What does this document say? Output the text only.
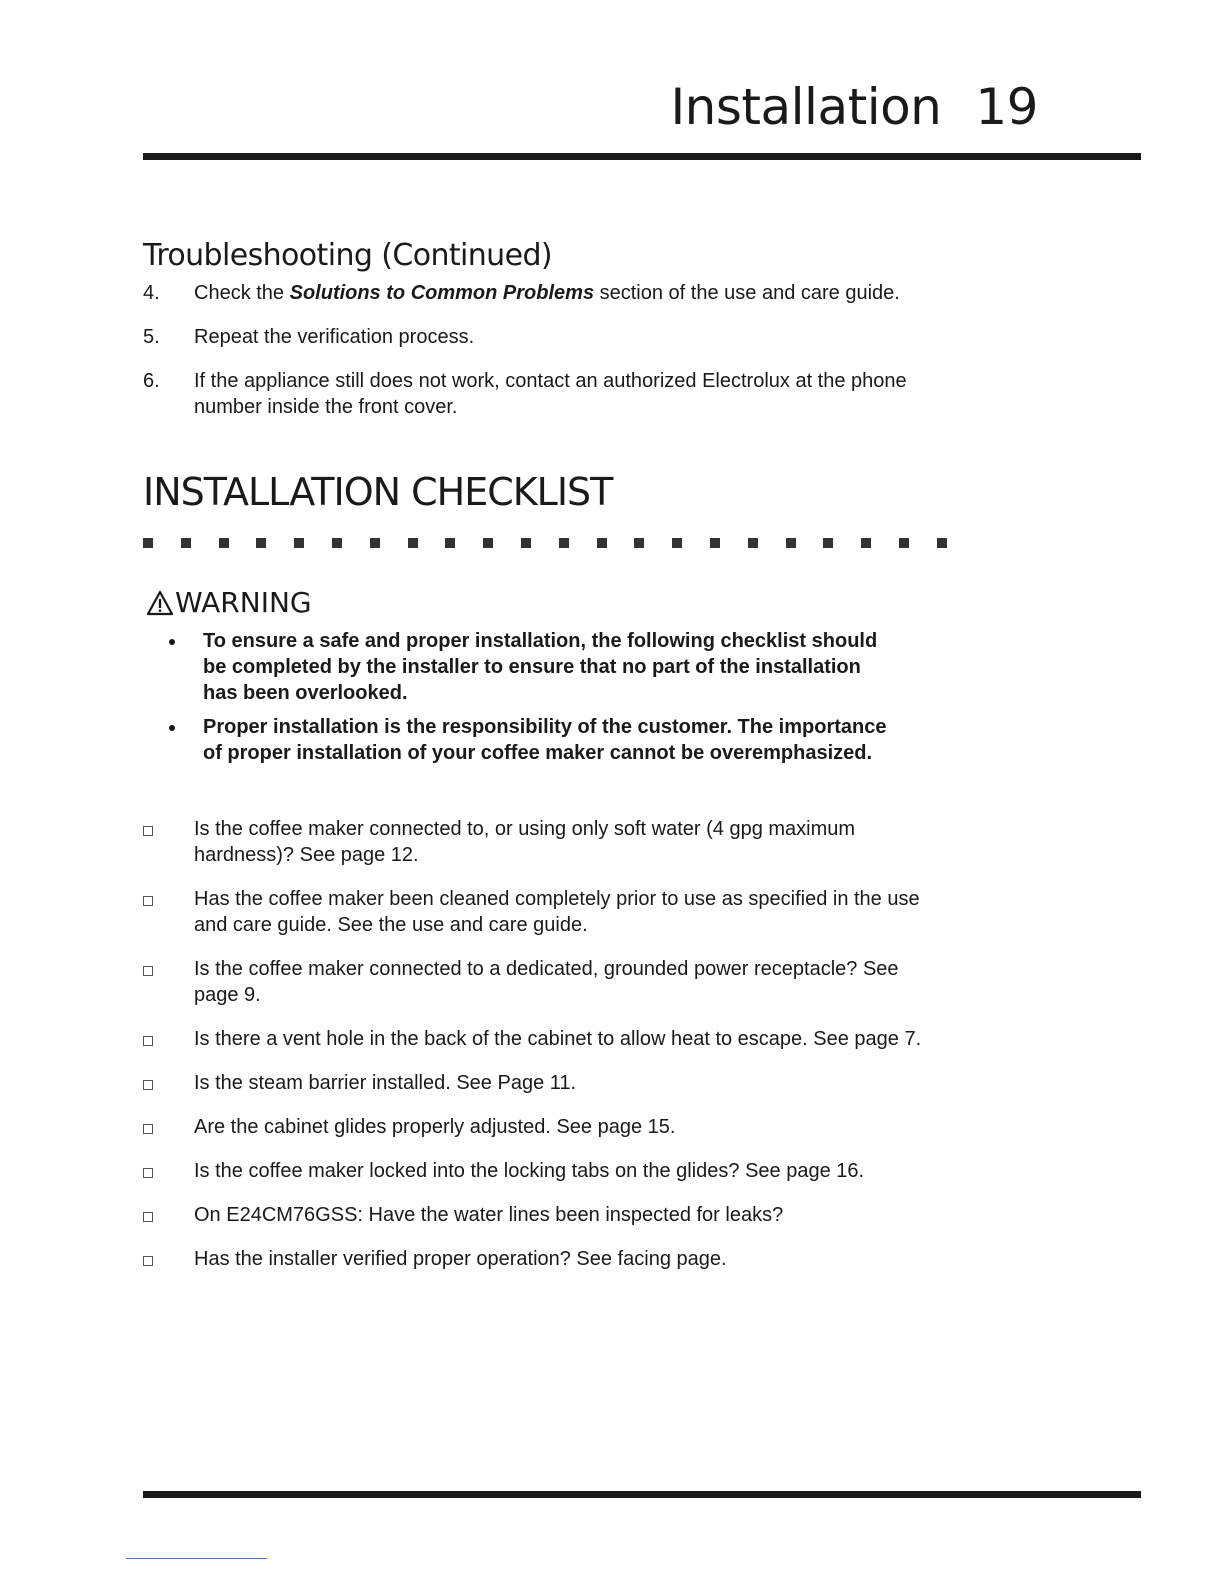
Installation 19
Troubleshooting (Continued)
4. Check the Solutions to Common Problems section of the use and care guide.
5. Repeat the verification process.
6. If the appliance still does not work, contact an authorized Electrolux at the phone number inside the front cover.
INSTALLATION CHECKLIST
WARNING
To ensure a safe and proper installation, the following checklist should be completed by the installer to ensure that no part of the installation has been overlooked.
Proper installation is the responsibility of the customer. The importance of proper installation of your coffee maker cannot be overemphasized.
Is the coffee maker connected to, or using only soft water (4 gpg maximum hardness)? See page 12.
Has the coffee maker been cleaned completely prior to use as specified in the use and care guide. See the use and care guide.
Is the coffee maker connected to a dedicated, grounded power receptacle? See page 9.
Is there a vent hole in the back of the cabinet to allow heat to escape. See page 7.
Is the steam barrier installed. See Page 11.
Are the cabinet glides properly adjusted. See page 15.
Is the coffee maker locked into the locking tabs on the glides? See page 16.
On E24CM76GSS: Have the water lines been inspected for leaks?
Has the installer verified proper operation? See facing page.
